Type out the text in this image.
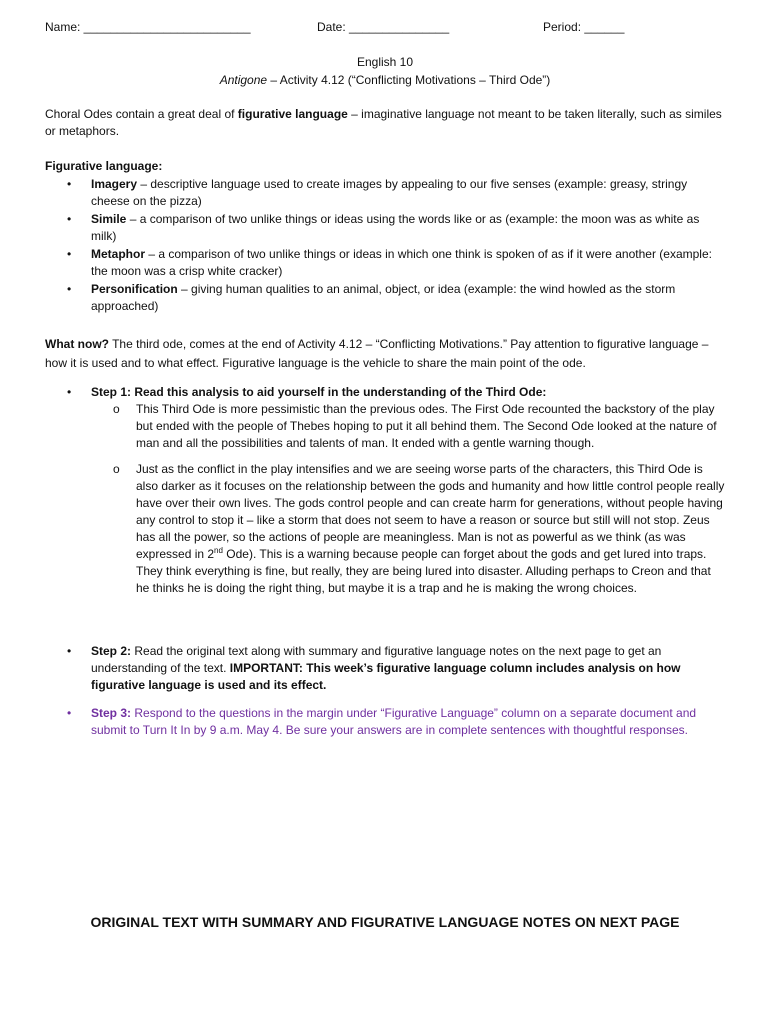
Name: _________________________	Date: _______________	Period: ______
English 10
Antigone – Activity 4.12 (“Conflicting Motivations – Third Ode”)
Choral Odes contain a great deal of figurative language – imaginative language not meant to be taken literally, such as similes or metaphors.
Figurative language:
• Imagery – descriptive language used to create images by appealing to our five senses (example: greasy, stringy cheese on the pizza)
• Simile – a comparison of two unlike things or ideas using the words like or as (example: the moon was as white as milk)
• Metaphor – a comparison of two unlike things or ideas in which one think is spoken of as if it were another (example: the moon was a crisp white cracker)
• Personification – giving human qualities to an animal, object, or idea (example: the wind howled as the storm approached)
What now? The third ode, comes at the end of Activity 4.12 – “Conflicting Motivations.” Pay attention to figurative language – how it is used and to what effect. Figurative language is the vehicle to share the main point of the ode.
• Step 1: Read this analysis to aid yourself in the understanding of the Third Ode:
o This Third Ode is more pessimistic than the previous odes. The First Ode recounted the backstory of the play but ended with the people of Thebes hoping to put it all behind them. The Second Ode looked at the nature of man and all the possibilities and talents of man. It ended with a gentle warning though.
o Just as the conflict in the play intensifies and we are seeing worse parts of the characters, this Third Ode is also darker as it focuses on the relationship between the gods and humanity and how little control people really have over their own lives. The gods control people and can create harm for generations, without people having any control to stop it – like a storm that does not seem to have a reason or source but still will not stop. Zeus has all the power, so the actions of people are meaningless. Man is not as powerful as we think (as was expressed in 2nd Ode). This is a warning because people can forget about the gods and get lured into traps. They think everything is fine, but really, they are being lured into disaster. Alluding perhaps to Creon and that he thinks he is doing the right thing, but maybe it is a trap and he is making the wrong choices.
• Step 2: Read the original text along with summary and figurative language notes on the next page to get an understanding of the text. IMPORTANT: This week’s figurative language column includes analysis on how figurative language is used and its effect.
• Step 3: Respond to the questions in the margin under “Figurative Language” column on a separate document and submit to Turn It In by 9 a.m. May 4. Be sure your answers are in complete sentences with thoughtful responses.
ORIGINAL TEXT WITH SUMMARY AND FIGURATIVE LANGUAGE NOTES ON NEXT PAGE
